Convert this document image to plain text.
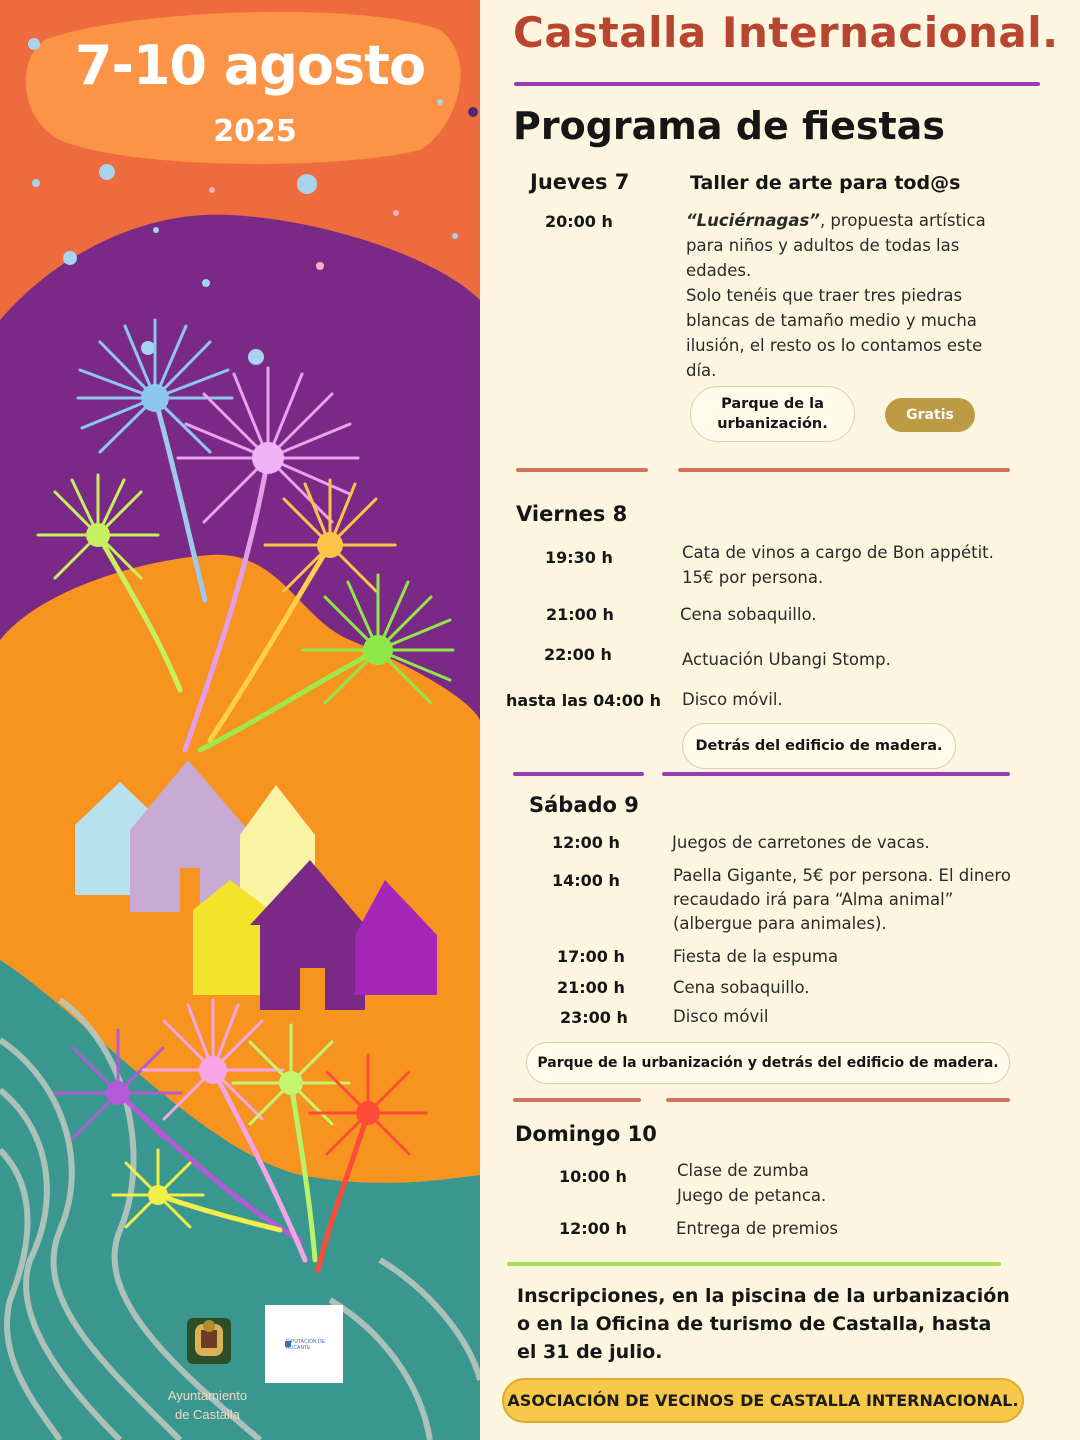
7-10 agosto
2025
DIPUTACIÓN DE ALICANTE
Ayuntamiento
de Castalla
Castalla Internacional.
Programa de fiestas
Jueves 7	Taller de arte para tod@s
20:00 h	“Luciérnagas”, propuesta artística para niños y adultos de todas las edades.
Solo tenéis que traer tres piedras blancas de tamaño medio y mucha ilusión, el resto os lo contamos este día.
Parque de la urbanización.
Gratis
Viernes 8
19:30 h	Cata de vinos a cargo de Bon appétit.
15€ por persona.
21:00 h	Cena sobaquillo.
22:00 h	Actuación Ubangi Stomp.
hasta las 04:00 h Disco móvil.
Detrás del edificio de madera.
Sábado 9
12:00 h	Juegos de carretones de vacas.
14:00 h	Paella Gigante, 5€ por persona. El dinero recaudado irá para “Alma animal” (albergue para animales).
17:00 h	Fiesta de la espuma
21:00 h	Cena sobaquillo.
23:00 h	Disco móvil
Parque de la urbanización y detrás del edificio de madera.
Domingo 10
10:00 h	Clase de zumba
Juego de petanca.
12:00 h	Entrega de premios
Inscripciones, en la piscina de la urbanización o en la Oficina de turismo de Castalla, hasta el 31 de julio.
ASOCIACIÓN DE VECINOS DE CASTALLA INTERNACIONAL.
